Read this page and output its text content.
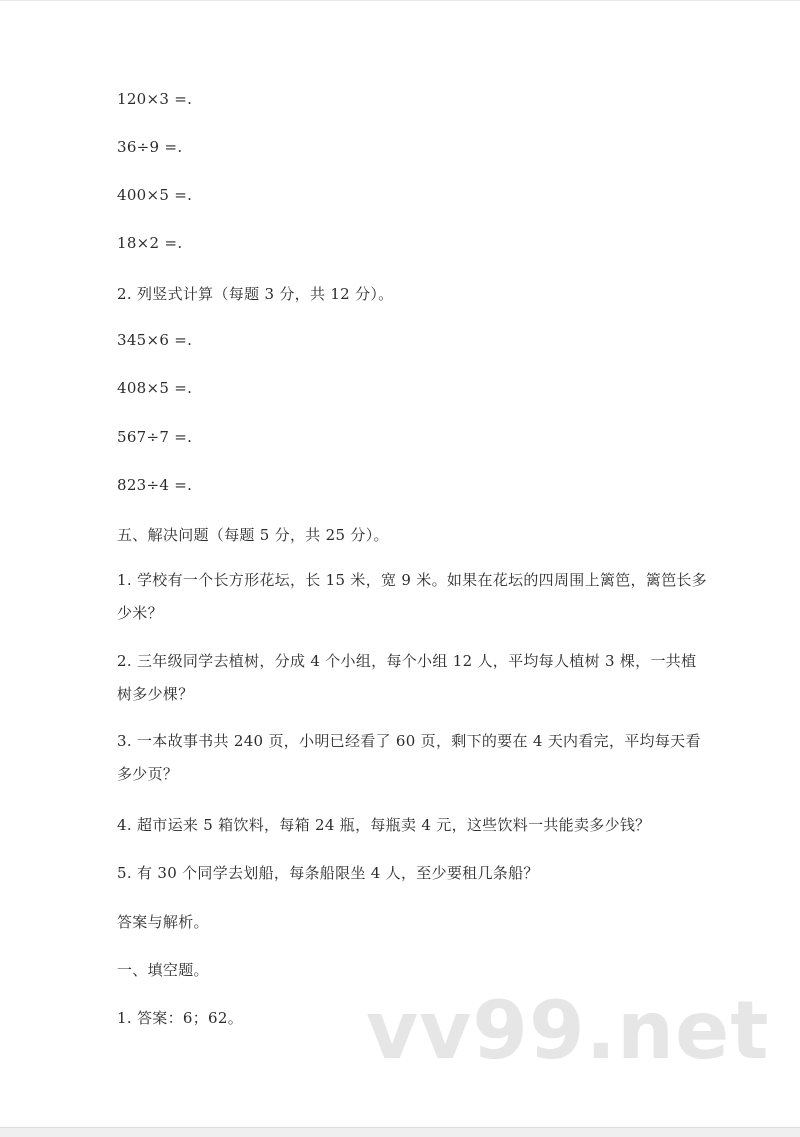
120×3 =.
36÷9 =.
400×5 =.
18×2 =.
2. 列竖式计算（每题 3 分，共 12 分）。
345×6 =.
408×5 =.
567÷7 =.
823÷4 =.
五、解决问题（每题 5 分，共 25 分）。
1. 学校有一个长方形花坛，长 15 米，宽 9 米。如果在花坛的四周围上篱笆，篱笆长多少米？
2. 三年级同学去植树，分成 4 个小组，每个小组 12 人，平均每人植树 3 棵，一共植树多少棵？
3. 一本故事书共 240 页，小明已经看了 60 页，剩下的要在 4 天内看完，平均每天看多少页？
4. 超市运来 5 箱饮料，每箱 24 瓶，每瓶卖 4 元，这些饮料一共能卖多少钱？
5. 有 30 个同学去划船，每条船限坐 4 人，至少要租几条船？
答案与解析。
一、填空题。
1. 答案：6；62。 vv99.net
